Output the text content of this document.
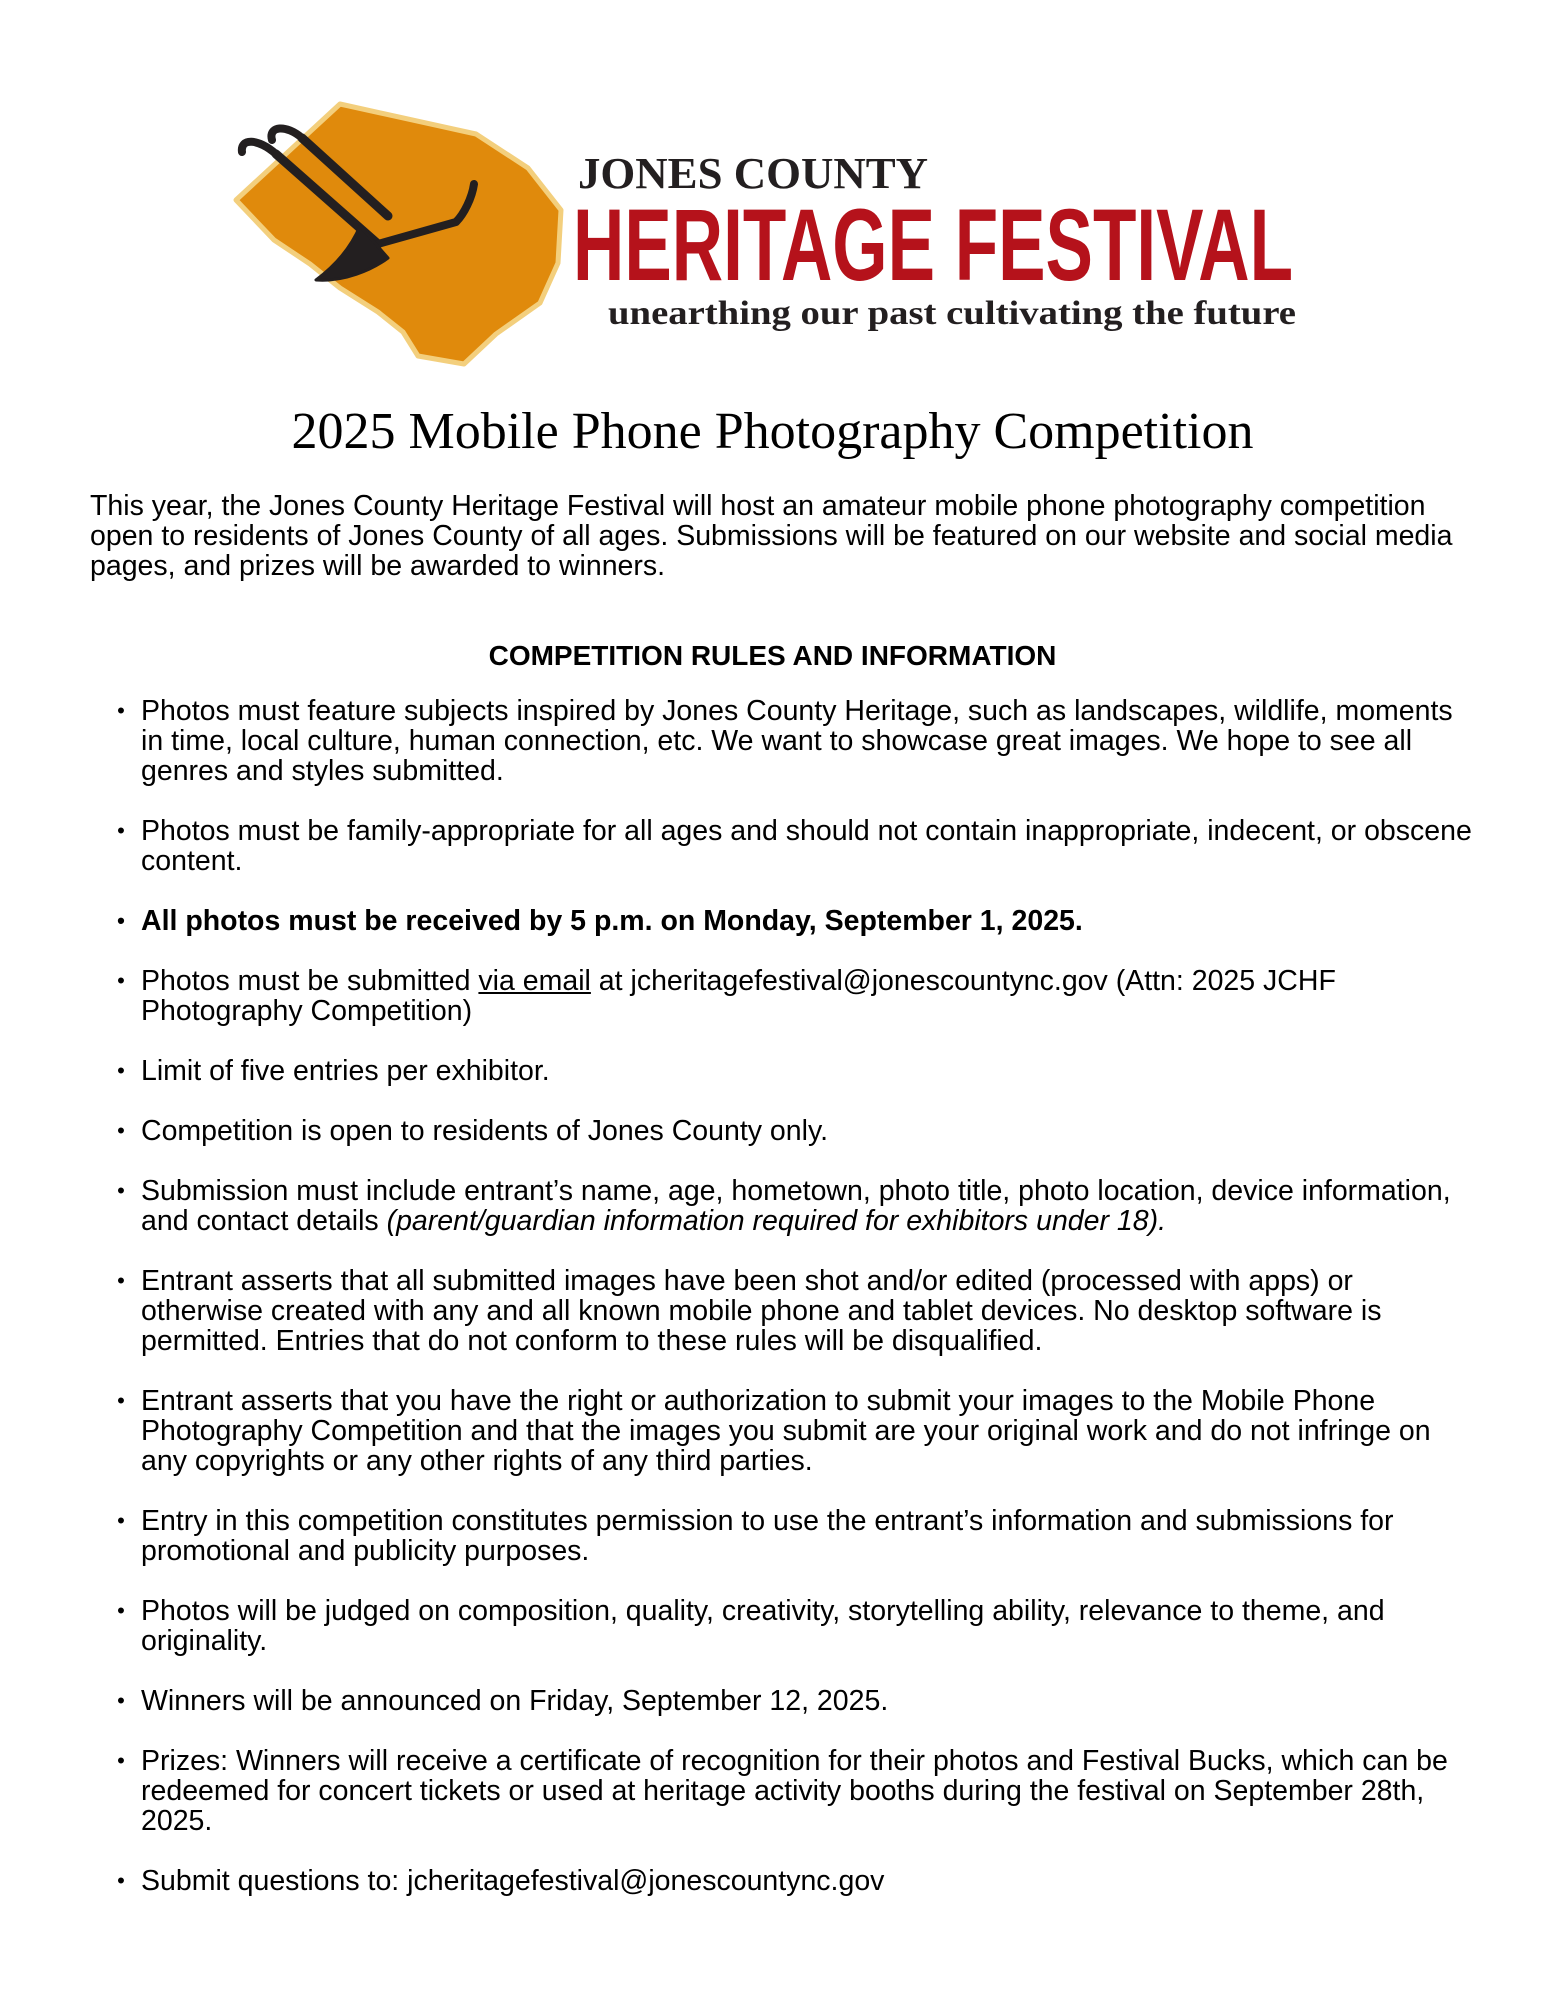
JONES COUNTY
HERITAGE FESTIVAL
unearthing our past cultivating the future
2025 Mobile Phone Photography Competition

This year, the Jones County Heritage Festival will host an amateur mobile phone photography competition open to residents of Jones County of all ages. Submissions will be featured on our website and social media pages, and prizes will be awarded to winners.

COMPETITION RULES AND INFORMATION
• Photos must feature subjects inspired by Jones County Heritage, such as landscapes, wildlife, moments in time, local culture, human connection, etc. We want to showcase great images. We hope to see all genres and styles submitted.
• Photos must be family-appropriate for all ages and should not contain inappropriate, indecent, or obscene content.
• All photos must be received by 5 p.m. on Monday, September 1, 2025.
• Photos must be submitted via email at jcheritagefestival@jonescountync.gov (Attn: 2025 JCHF Photography Competition)
• Limit of five entries per exhibitor.
• Competition is open to residents of Jones County only.
• Submission must include entrant’s name, age, hometown, photo title, photo location, device information, and contact details (parent/guardian information required for exhibitors under 18).
• Entrant asserts that all submitted images have been shot and/or edited (processed with apps) or otherwise created with any and all known mobile phone and tablet devices. No desktop software is permitted. Entries that do not conform to these rules will be disqualified.
• Entrant asserts that you have the right or authorization to submit your images to the Mobile Phone Photography Competition and that the images you submit are your original work and do not infringe on any copyrights or any other rights of any third parties.
• Entry in this competition constitutes permission to use the entrant’s information and submissions for promotional and publicity purposes.
• Photos will be judged on composition, quality, creativity, storytelling ability, relevance to theme, and originality.
• Winners will be announced on Friday, September 12, 2025.
• Prizes: Winners will receive a certificate of recognition for their photos and Festival Bucks, which can be redeemed for concert tickets or used at heritage activity booths during the festival on September 28th, 2025.
• Submit questions to: jcheritagefestival@jonescountync.gov
